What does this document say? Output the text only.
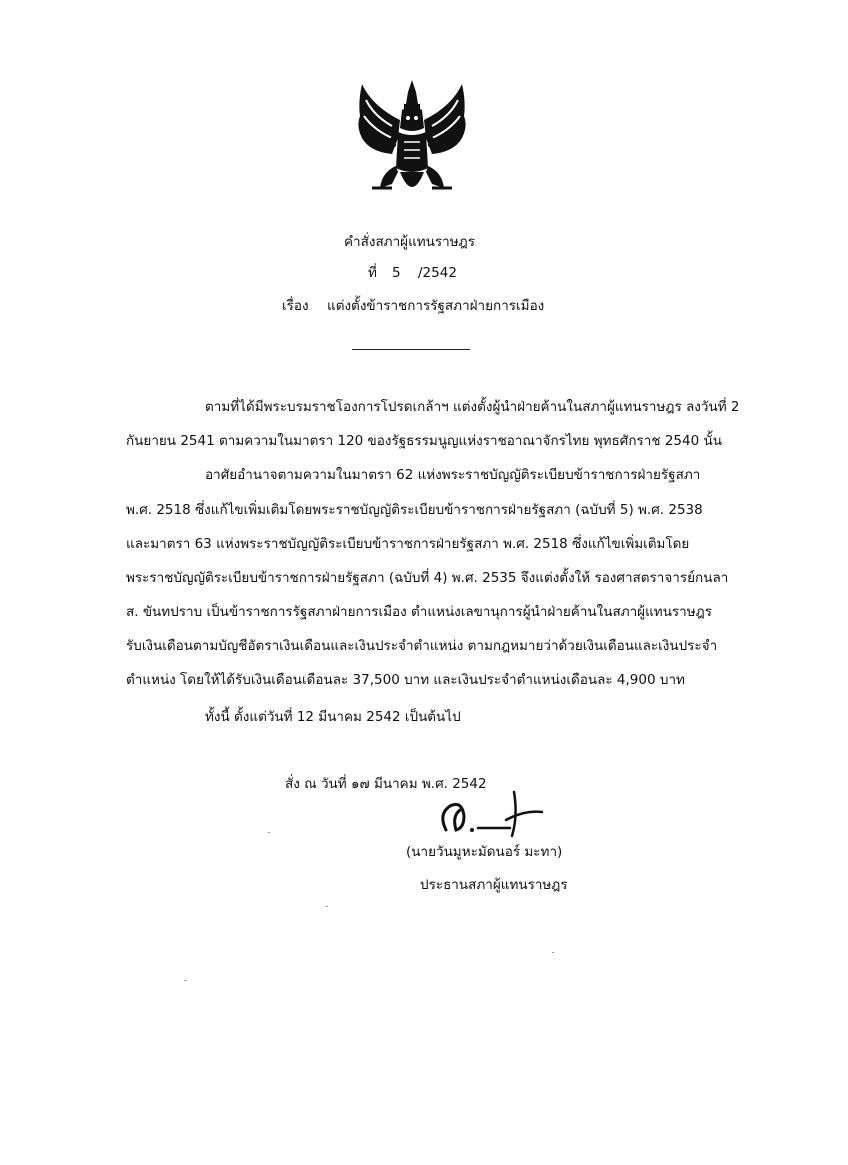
คำสั่งสภาผู้แทนราษฎร
ที่ 5 /2542
เรื่อง แต่งตั้งข้าราชการรัฐสภาฝ่ายการเมือง
ตามที่ได้มีพระบรมราชโองการโปรดเกล้าฯ แต่งตั้งผู้นำฝ่ายค้านในสภาผู้แทนราษฎร ลงวันที่ 2
กันยายน 2541 ตามความในมาตรา 120 ของรัฐธรรมนูญแห่งราชอาณาจักรไทย พุทธศักราช 2540 นั้น
อาศัยอำนาจตามความในมาตรา 62 แห่งพระราชบัญญัติระเบียบข้าราชการฝ่ายรัฐสภา
พ.ศ. 2518 ซึ่งแก้ไขเพิ่มเติมโดยพระราชบัญญัติระเบียบข้าราชการฝ่ายรัฐสภา (ฉบับที่ 5) พ.ศ. 2538
และมาตรา 63 แห่งพระราชบัญญัติระเบียบข้าราชการฝ่ายรัฐสภา พ.ศ. 2518 ซึ่งแก้ไขเพิ่มเติมโดย
พระราชบัญญัติระเบียบข้าราชการฝ่ายรัฐสภา (ฉบับที่ 4) พ.ศ. 2535 จึงแต่งตั้งให้ รองศาสตราจารย์กนลา
ส. ขันทปราบ เป็นข้าราชการรัฐสภาฝ่ายการเมือง ตำแหน่งเลขานุการผู้นำฝ่ายค้านในสภาผู้แทนราษฎร
รับเงินเดือนตามบัญชีอัตราเงินเดือนและเงินประจำตำแหน่ง ตามกฎหมายว่าด้วยเงินเดือนและเงินประจำ
ตำแหน่ง โดยให้ได้รับเงินเดือนเดือนละ 37,500 บาท และเงินประจำตำแหน่งเดือนละ 4,900 บาท
ทั้งนี้ ตั้งแต่วันที่ 12 มีนาคม 2542 เป็นต้นไป
สั่ง ณ วันที่ ๑๗ มีนาคม พ.ศ. 2542
(นายวันมูหะมัดนอร์ มะทา)
ประธานสภาผู้แทนราษฎร
